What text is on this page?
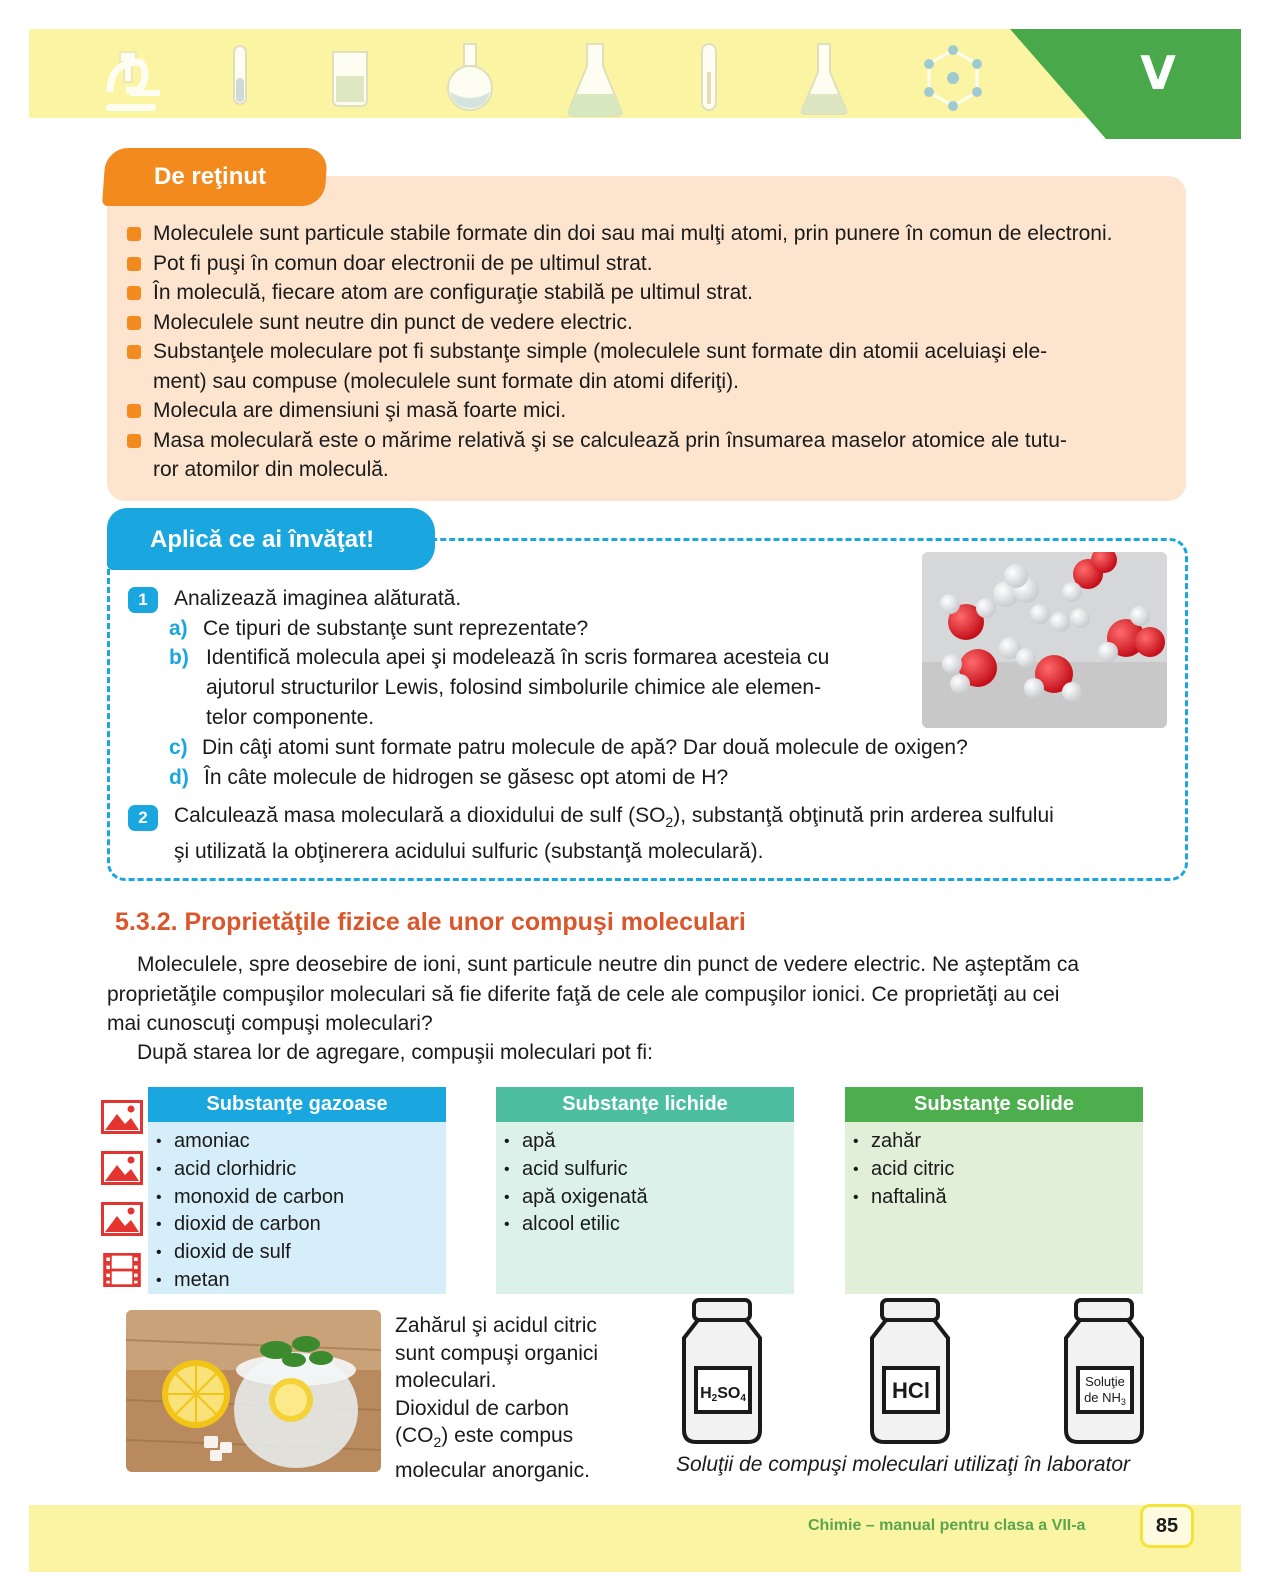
V
De reţinut
Moleculele sunt particule stabile formate din doi sau mai mulţi atomi, prin punere în comun de electroni.
Pot fi puşi în comun doar electronii de pe ultimul strat.
În moleculă, fiecare atom are configuraţie stabilă pe ultimul strat.
Moleculele sunt neutre din punct de vedere electric.
Substanţele moleculare pot fi substanţe simple (moleculele sunt formate din atomii aceluiaşi ele-
ment) sau compuse (moleculele sunt formate din atomi diferiţi).
Molecula are dimensiuni şi masă foarte mici.
Masa moleculară este o mărime relativă şi se calculează prin însumarea maselor atomice ale tutu-
ror atomilor din moleculă.
Aplică ce ai învăţat!
1	Analizează imaginea alăturată.
a) Ce tipuri de substanţe sunt reprezentate?
b) Identifică molecula apei şi modelează în scris formarea acesteia cu
ajutorul structurilor Lewis, folosind simbolurile chimice ale elemen-
telor componente.
c) Din câţi atomi sunt formate patru molecule de apă? Dar două molecule de oxigen?
d) În câte molecule de hidrogen se găsesc opt atomi de H?
2	Calculează masa moleculară a dioxidului de sulf $(SO_2)$, substanţă obţinută prin arderea sulfului
şi utilizată la obţinerera acidului sulfuric (substanţă moleculară).
5.3.2. Proprietăţile fizice ale unor compuşi moleculari
Moleculele, spre deosebire de ioni, sunt particule neutre din punct de vedere electric. Ne aşteptăm ca
proprietăţile compuşilor moleculari să fie diferite faţă de cele ale compuşilor ionici. Ce proprietăţi au cei
mai cunoscuţi compuşi moleculari?
După starea lor de agregare, compuşii moleculari pot fi:

Substanţe gazoase
• amoniac
• acid clorhidric
• monoxid de carbon
• dioxid de carbon
• dioxid de sulf
• metan
Substanţe lichide
• apă
• acid sulfuric
• apă oxigenată
• alcool etilic
Substanţe solide
• zahăr
• acid citric
• naftalină
Zahărul şi acidul citric
sunt compuşi organici
moleculari.
Dioxidul de carbon
$(CO_2)$ este compus
molecular anorganic.
H2SO4	HCl	Soluţie
de $NH_3$
Soluţii de compuşi moleculari utilizaţi în laborator
Chimie – manual pentru clasa a VII-a	85
